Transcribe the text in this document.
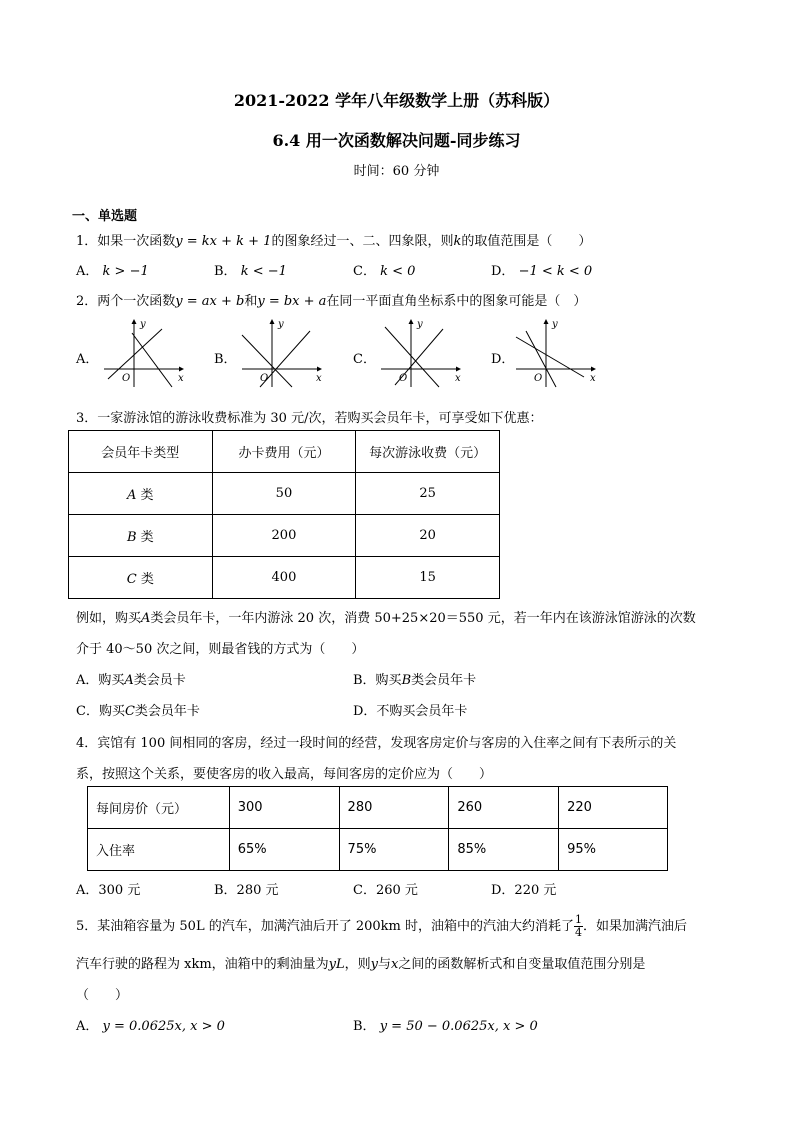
2021-2022 学年八年级数学上册（苏科版）
6.4 用一次函数解决问题-同步练习
时间：60 分钟
一、单选题
1．如果一次函数y = kx + k + 1的图象经过一、二、四象限，则k的取值范围是（　　）
A． k > −1	B． k < −1	C． k < 0	D． −1 < k < 0
2．两个一次函数y = ax + b和y = bx + a在同一平面直角坐标系中的图象可能是（　）
A．	B．	C．	D．
y
x
O
y
x
O
y
x
O
y
x
O
3．一家游泳馆的游泳收费标准为 30 元/次，若购买会员年卡，可享受如下优惠：
会员年卡类型	办卡费用（元）	每次游泳收费（元）
A 类	50	25
B 类	200	20
C 类	400	15
例如，购买A类会员年卡，一年内游泳 20 次，消费 50+25×20＝550 元，若一年内在该游泳馆游泳的次数
介于 40～50 次之间，则最省钱的方式为（　　）
A．购买A类会员卡	B．购买B类会员年卡
C．购买C类会员年卡	D．不购买会员年卡
4．宾馆有 100 间相同的客房，经过一段时间的经营，发现客房定价与客房的入住率之间有下表所示的关
系，按照这个关系，要使客房的收入最高，每间客房的定价应为（　　）
每间房价（元）	300	280	260	220
入住率	65%	75%	85%	95%
A．300 元	B．280 元	C．260 元	D．220 元
5．某油箱容量为 50L 的汽车，加满汽油后开了 200km 时，油箱中的汽油大约消耗了 $\frac{1}{4}$ ．如果加满汽油后
汽车行驶的路程为 xkm，油箱中的剩油量为yL，则y与x之间的函数解析式和自变量取值范围分别是
（　　）
A． y = 0.0625x, x > 0	B． y = 50 − 0.0625x, x > 0
